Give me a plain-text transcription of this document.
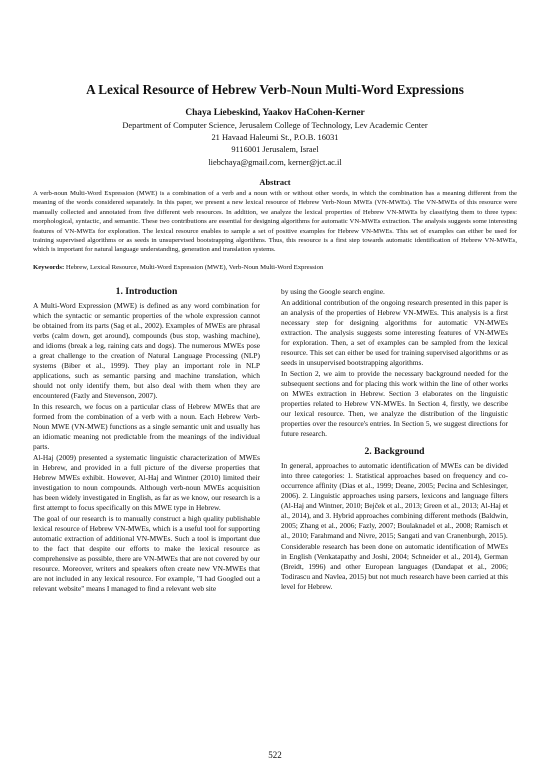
A Lexical Resource of Hebrew Verb-Noun Multi-Word Expressions
Chaya Liebeskind, Yaakov HaCohen-Kerner
Department of Computer Science, Jerusalem College of Technology, Lev Academic Center
21 Havaad Haleumi St., P.O.B. 16031
9116001 Jerusalem, Israel
liebchaya@gmail.com, kerner@jct.ac.il
Abstract

A verb-noun Multi-Word Expression (MWE) is a combination of a verb and a noun with or without other words, in which the combination has a meaning different from the meaning of the words considered separately. In this paper, we present a new lexical resource of Hebrew Verb-Noun MWEs (VN-MWEs). The VN-MWEs of this resource were manually collected and annotated from five different web resources. In addition, we analyze the lexical properties of Hebrew VN-MWEs by classifying them to three types: morphological, syntactic, and semantic. These two contributions are essential for designing algorithms for automatic VN-MWEs extraction. The analysis suggests some interesting features of VN-MWEs for exploration. The lexical resource enables to sample a set of positive examples for Hebrew VN-MWEs. This set of examples can either be used for training supervised algorithms or as seeds in unsupervised bootstrapping algorithms. Thus, this resource is a first step towards automatic identification of Hebrew VN-MWEs, which is important for natural language understanding, generation and translation systems.

Keywords: Hebrew, Lexical Resource, Multi-Word Expression (MWE), Verb-Noun Multi-Word Expression

1. Introduction

A Multi-Word Expression (MWE) is defined as any word combination for which the syntactic or semantic properties of the whole expression cannot be obtained from its parts (Sag et al., 2002). Examples of MWEs are phrasal verbs (calm down, get around), compounds (bus stop, washing machine), and idioms (break a leg, raining cats and dogs). The numerous MWEs pose a great challenge to the creation of Natural Language Processing (NLP) systems (Biber et al., 1999). They play an important role in NLP applications, such as semantic parsing and machine translation, which should not only identify them, but also deal with them when they are encountered (Fazly and Stevenson, 2007).

In this research, we focus on a particular class of Hebrew MWEs that are formed from the combination of a verb with a noun. Each Hebrew Verb-Noun MWE (VN-MWE) functions as a single semantic unit and usually has an idiomatic meaning not predictable from the meanings of the individual parts.

Al-Haj (2009) presented a systematic linguistic characterization of MWEs in Hebrew, and provided in a full picture of the diverse properties that Hebrew MWEs exhibit. However, Al-Haj and Wintner (2010) limited their investigation to noun compounds. Although verb-noun MWEs acquisition has been widely investigated in English, as far as we know, our research is a first attempt to focus specifically on this MWE type in Hebrew.

The goal of our research is to manually construct a high quality publishable lexical resource of Hebrew VN-MWEs, which is a useful tool for supporting automatic extraction of additional VN-MWEs. Such a tool is important due to the fact that despite our efforts to make the lexical resource as comprehensive as possible, there are VN-MWEs that are not covered by our resource. Moreover, writers and speakers often create new VN-MWEs that are not included in any lexical resource. For example, "I had Googled out a relevant website" means I managed to find a relevant web site

by using the Google search engine.

An additional contribution of the ongoing research presented in this paper is an analysis of the properties of Hebrew VN-MWEs. This analysis is a first necessary step for designing algorithms for automatic VN-MWEs extraction. The analysis suggests some interesting features of VN-MWEs for exploration. Then, a set of examples can be sampled from the lexical resource. This set can either be used for training supervised algorithms or as seeds in unsupervised bootstrapping algorithms.

In Section 2, we aim to provide the necessary background needed for the subsequent sections and for placing this work within the line of other works on MWEs extraction in Hebrew. Section 3 elaborates on the linguistic properties related to Hebrew VN-MWEs. In Section 4, firstly, we describe our lexical resource. Then, we analyze the distribution of the linguistic properties over the resource's entries. In Section 5, we suggest directions for future research.

2. Background

In general, approaches to automatic identification of MWEs can be divided into three categories: 1. Statistical approaches based on frequency and co-occurrence affinity (Dias et al., 1999; Deane, 2005; Pecina and Schlesinger, 2006). 2. Linguistic approaches using parsers, lexicons and language filters (Al-Haj and Wintner, 2010; Bejček et al., 2013; Green et al., 2013; Al-Haj et al., 2014), and 3. Hybrid approaches combining different methods (Baldwin, 2005; Zhang et al., 2006; Fazly, 2007; Boulaknadel et al., 2008; Ramisch et al., 2010; Farahmand and Nivre, 2015; Sangati and van Cranenburgh, 2015).

Considerable research has been done on automatic identification of MWEs in English (Venkatapathy and Joshi, 2004; Schneider et al., 2014), German (Breidt, 1996) and other European languages (Dandapat et al., 2006; Todirascu and Navlea, 2015) but not much research have been carried at this level for Hebrew.

522
